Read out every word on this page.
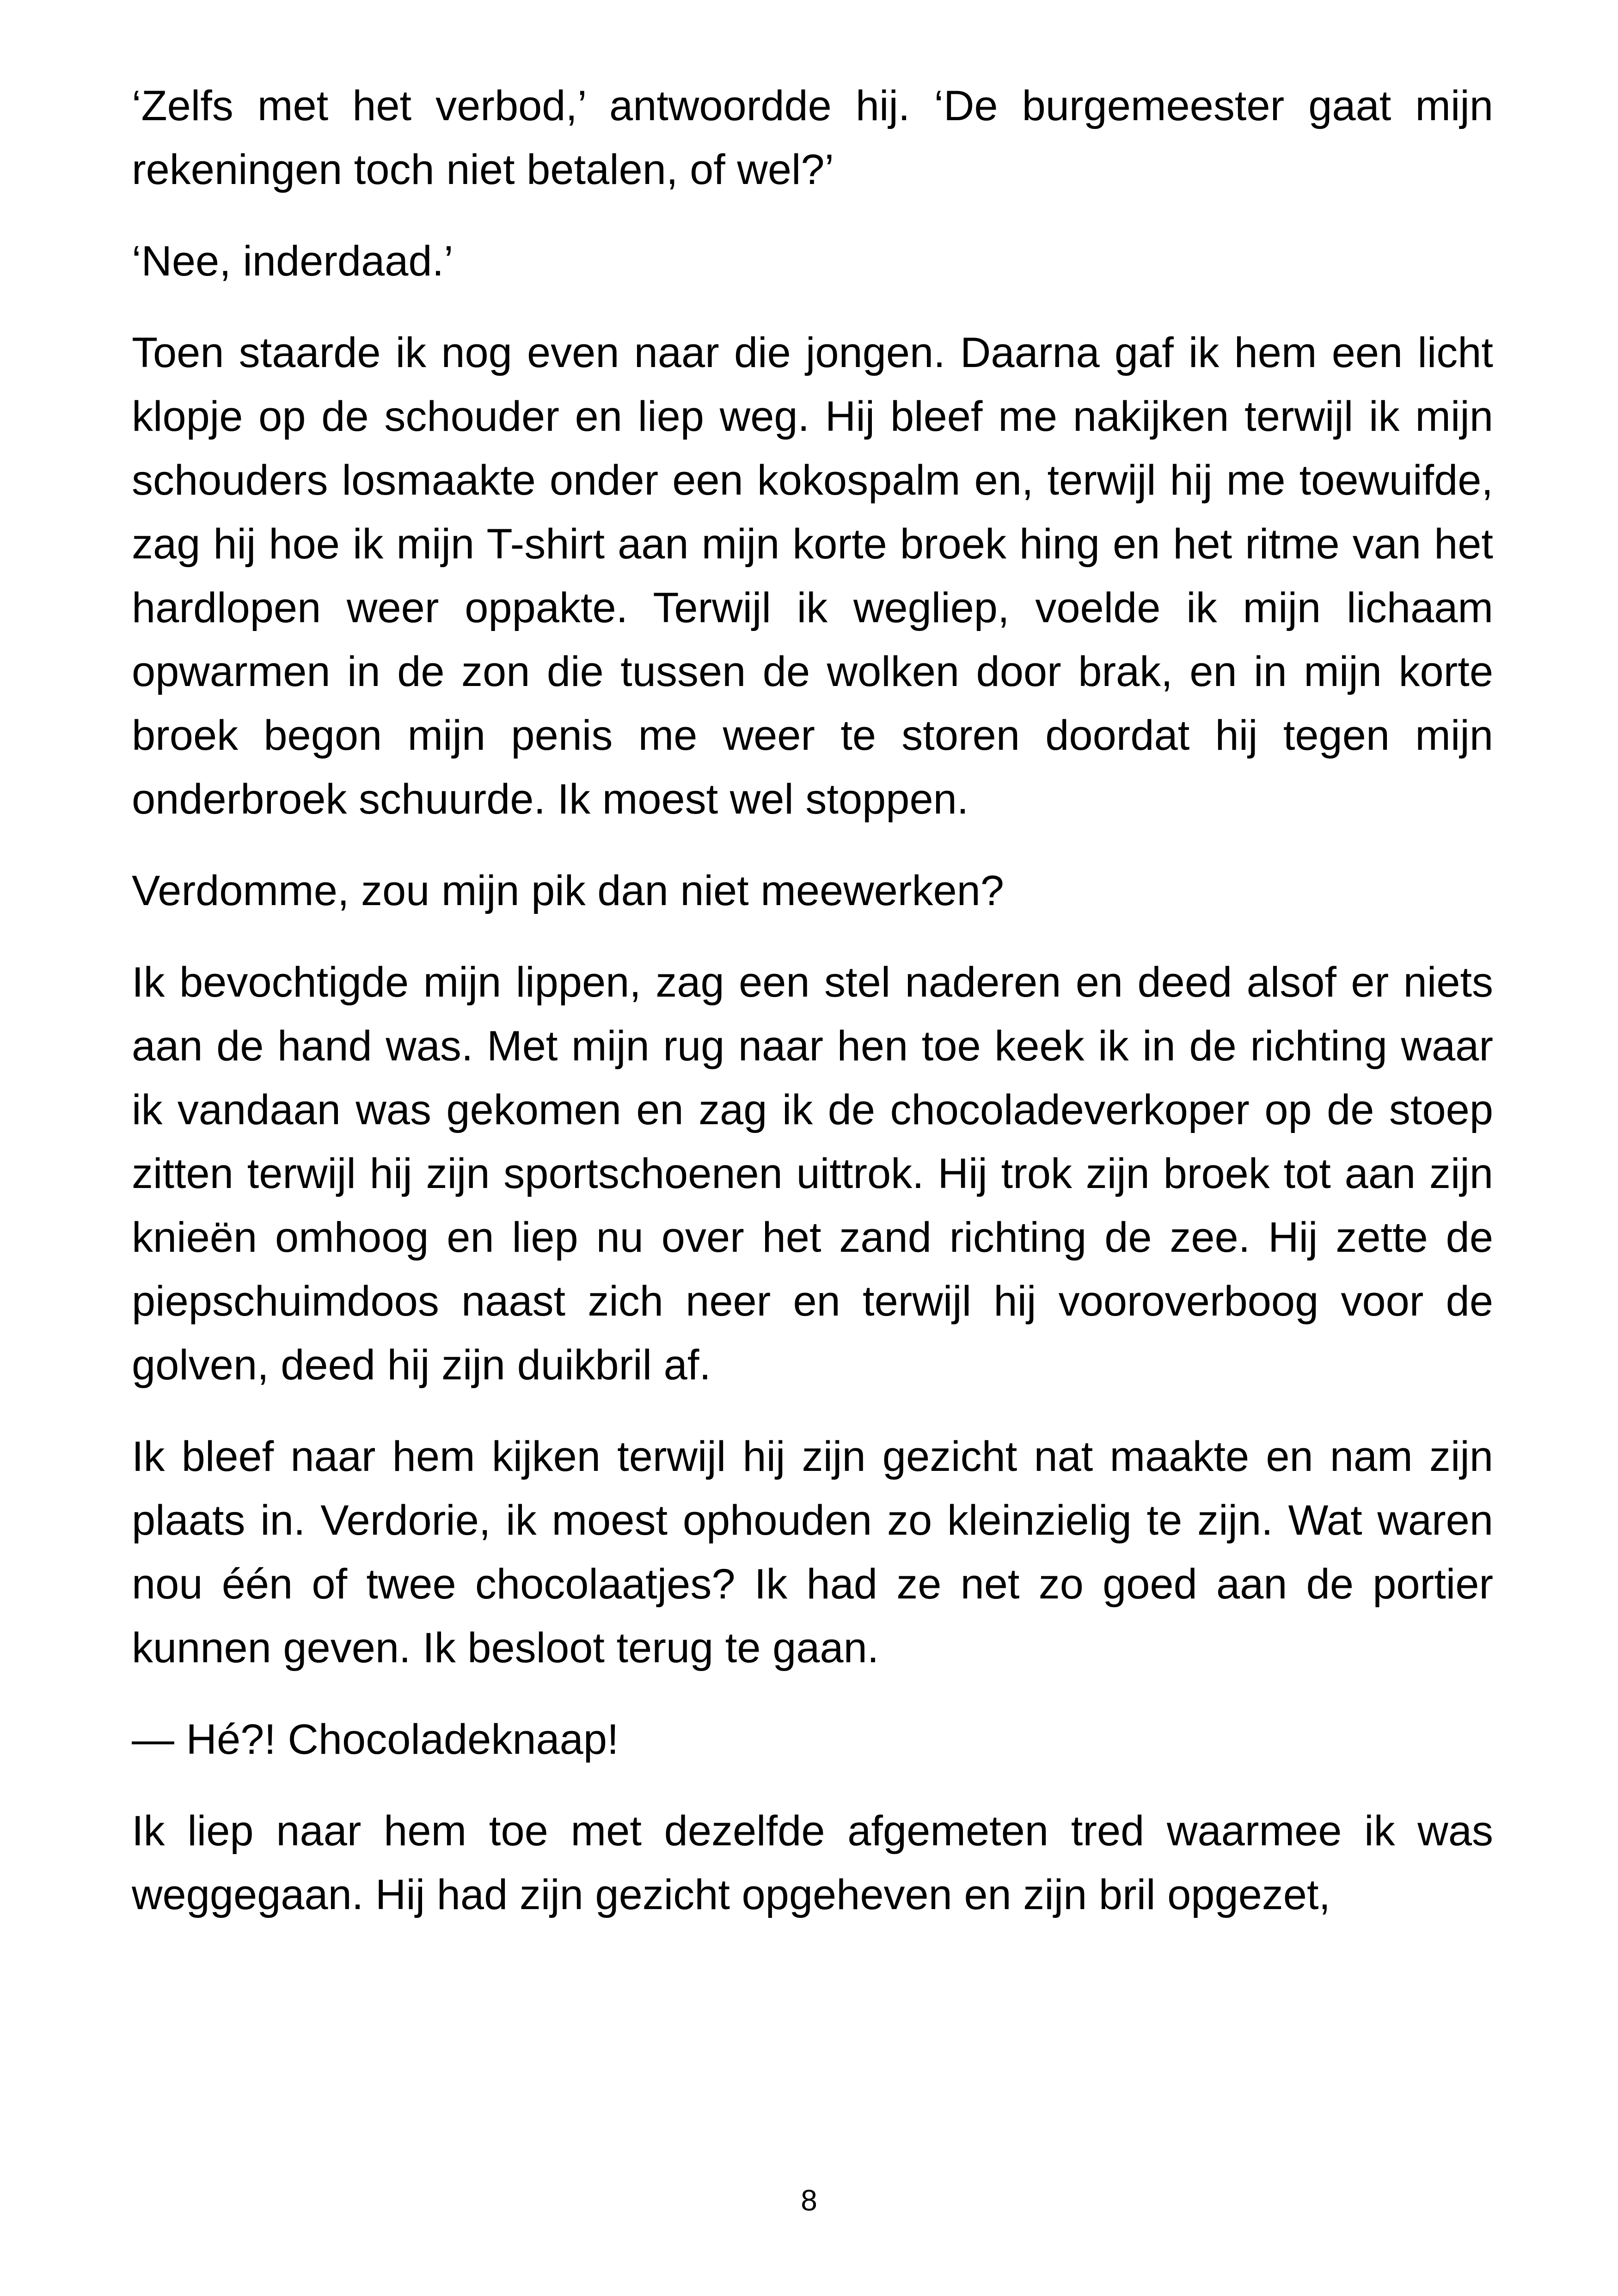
‘Zelfs met het verbod,’ antwoordde hij. ‘De burgemeester gaat mijn rekeningen toch niet betalen, of wel?’

‘Nee, inderdaad.’

Toen staarde ik nog even naar die jongen. Daarna gaf ik hem een licht klopje op de schouder en liep weg. Hij bleef me nakijken terwijl ik mijn schouders losmaakte onder een kokospalm en, terwijl hij me toewuifde, zag hij hoe ik mijn T-shirt aan mijn korte broek hing en het ritme van het hardlopen weer oppakte. Terwijl ik wegliep, voelde ik mijn lichaam opwarmen in de zon die tussen de wolken door brak, en in mijn korte broek begon mijn penis me weer te storen doordat hij tegen mijn onderbroek schuurde. Ik moest wel stoppen.

Verdomme, zou mijn pik dan niet meewerken?

Ik bevochtigde mijn lippen, zag een stel naderen en deed alsof er niets aan de hand was. Met mijn rug naar hen toe keek ik in de richting waar ik vandaan was gekomen en zag ik de chocoladeverkoper op de stoep zitten terwijl hij zijn sportschoenen uittrok. Hij trok zijn broek tot aan zijn knieën omhoog en liep nu over het zand richting de zee. Hij zette de piepschuimdoos naast zich neer en terwijl hij vooroverboog voor de golven, deed hij zijn duikbril af.

Ik bleef naar hem kijken terwijl hij zijn gezicht nat maakte en nam zijn plaats in. Verdorie, ik moest ophouden zo kleinzielig te zijn. Wat waren nou één of twee chocolaatjes? Ik had ze net zo goed aan de portier kunnen geven. Ik besloot terug te gaan.

— Hé?! Chocoladeknaap!

Ik liep naar hem toe met dezelfde afgemeten tred waarmee ik was weggegaan. Hij had zijn gezicht opgeheven en zijn bril opgezet,

8
